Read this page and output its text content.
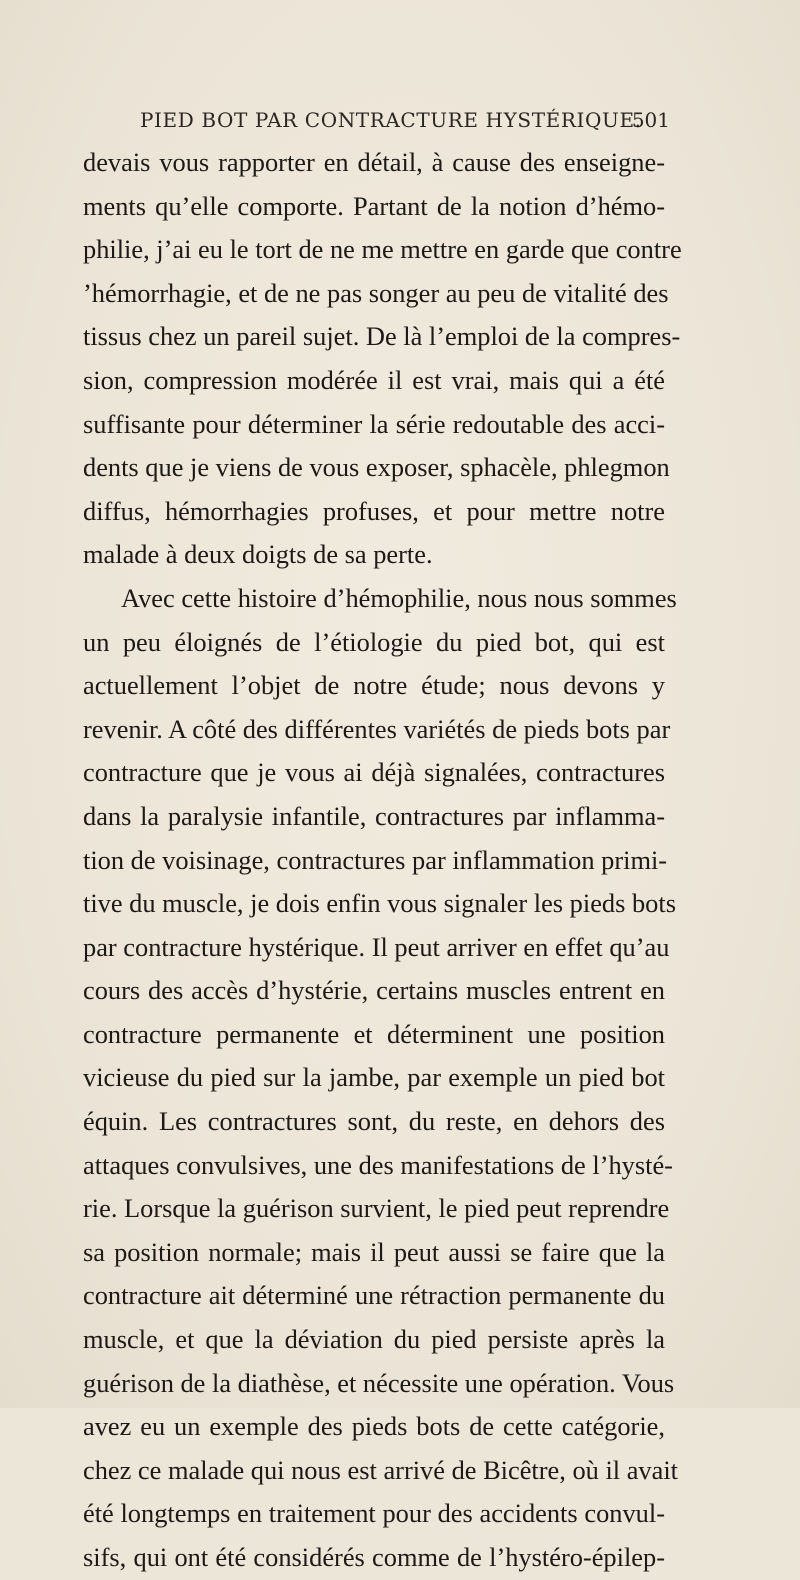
PIED BOT PAR CONTRACTURE HYSTÉRIQUE.
501
devais vous rapporter en détail, à cause des enseigne-
ments qu’elle comporte. Partant de la notion d’hémo-
philie, j’ai eu le tort de ne me mettre en garde que contre
’hémorrhagie, et de ne pas songer au peu de vitalité des
tissus chez un pareil sujet. De là l’emploi de la compres-
sion, compression modérée il est vrai, mais qui a été
suffisante pour déterminer la série redoutable des acci-
dents que je viens de vous exposer, sphacèle, phlegmon
diffus, hémorrhagies profuses, et pour mettre notre
malade à deux doigts de sa perte.
Avec cette histoire d’hémophilie, nous nous sommes
un peu éloignés de l’étiologie du pied bot, qui est
actuellement l’objet de notre étude; nous devons y
revenir. A côté des différentes variétés de pieds bots par
contracture que je vous ai déjà signalées, contractures
dans la paralysie infantile, contractures par inflamma-
tion de voisinage, contractures par inflammation primi-
tive du muscle, je dois enfin vous signaler les pieds bots
par contracture hystérique. Il peut arriver en effet qu’au
cours des accès d’hystérie, certains muscles entrent en
contracture permanente et déterminent une position
vicieuse du pied sur la jambe, par exemple un pied bot
équin. Les contractures sont, du reste, en dehors des
attaques convulsives, une des manifestations de l’hysté-
rie. Lorsque la guérison survient, le pied peut reprendre
sa position normale; mais il peut aussi se faire que la
contracture ait déterminé une rétraction permanente du
muscle, et que la déviation du pied persiste après la
guérison de la diathèse, et nécessite une opération. Vous
avez eu un exemple des pieds bots de cette catégorie,
chez ce malade qui nous est arrivé de Bicêtre, où il avait
été longtemps en traitement pour des accidents convul-
sifs, qui ont été considérés comme de l’hystéro-épilep-
